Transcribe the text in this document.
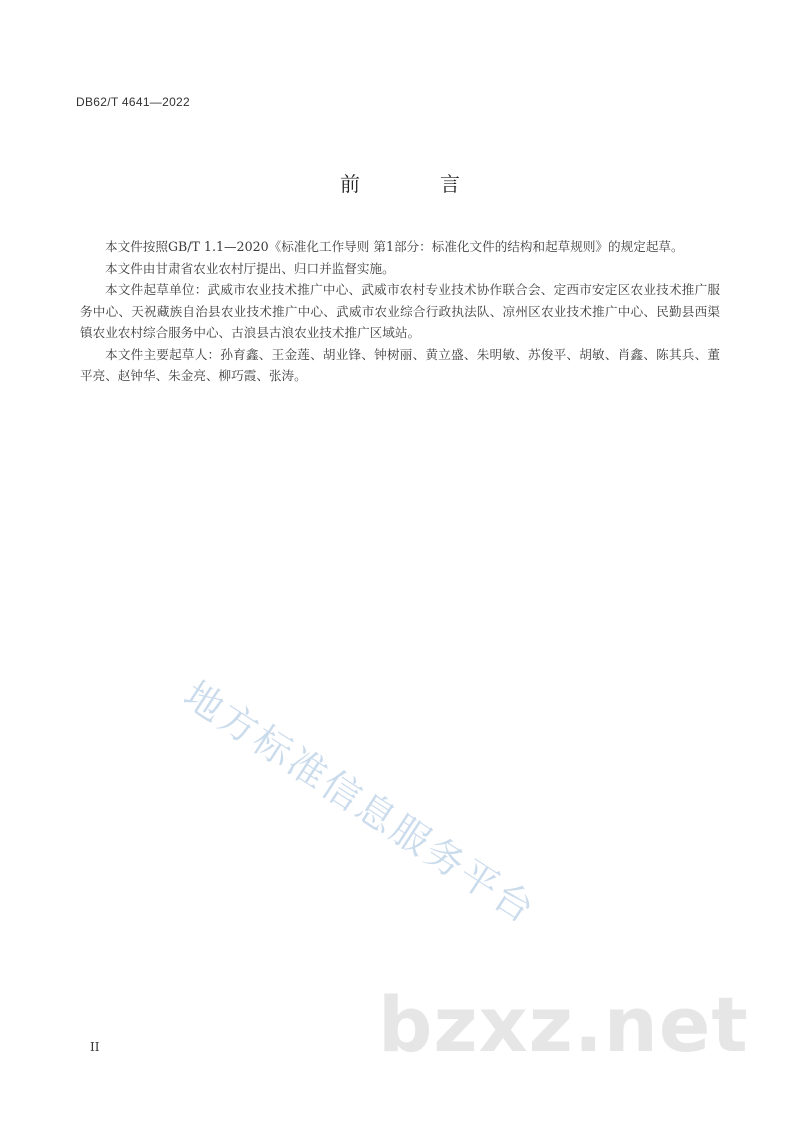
DB62/T 4641—2022
前　言

本文件按照GB/T 1.1—2020《标准化工作导则 第1部分：标准化文件的结构和起草规则》的规定起草。

本文件由甘肃省农业农村厅提出、归口并监督实施。

本文件起草单位：武威市农业技术推广中心、武威市农村专业技术协作联合会、定西市安定区农业技术推广服务中心、天祝藏族自治县农业技术推广中心、武威市农业综合行政执法队、凉州区农业技术推广中心、民勤县西渠镇农业农村综合服务中心、古浪县古浪农业技术推广区域站。

本文件主要起草人：孙育鑫、王金莲、胡业锋、钟树丽、黄立盛、朱明敏、苏俊平、胡敏、肖鑫、陈其兵、董平亮、赵钟华、朱金亮、柳巧霞、张涛。

地方标准信息服务平台
bzxz.net
II
